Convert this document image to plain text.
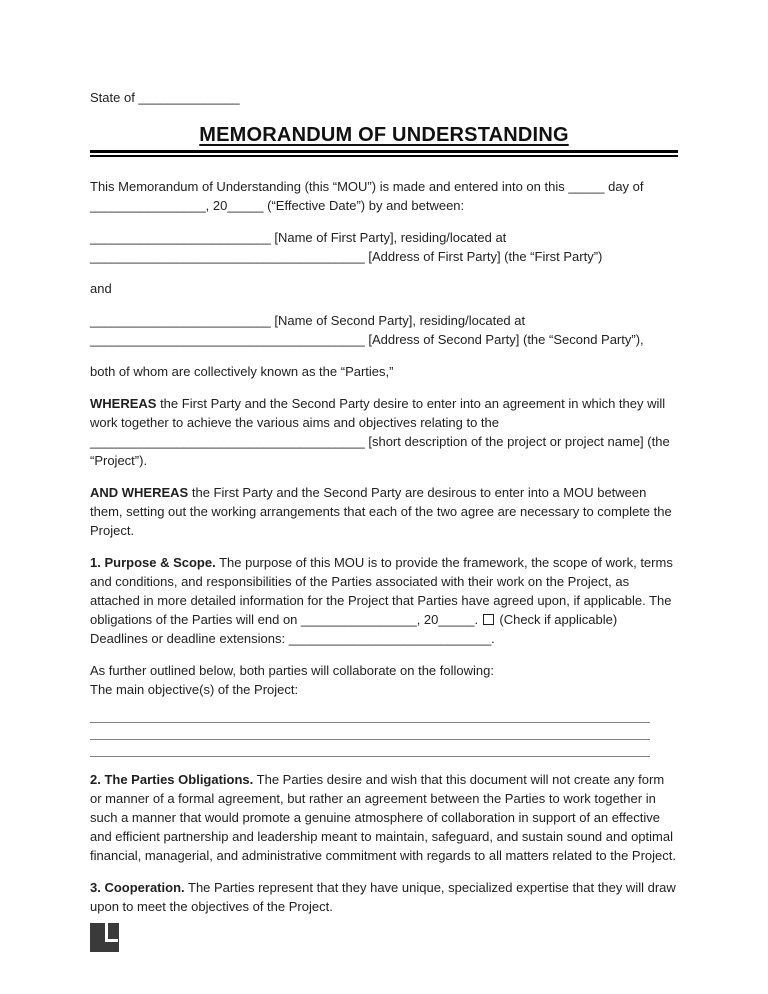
State of ______________
MEMORANDUM OF UNDERSTANDING

This Memorandum of Understanding (this “MOU”) is made and entered into on this _____ day of ________________, 20_____ (“Effective Date”) by and between:

_________________________ [Name of First Party], residing/located at
______________________________________ [Address of First Party] (the “First Party”)

and

_________________________ [Name of Second Party], residing/located at
______________________________________ [Address of Second Party] (the “Second Party”),

both of whom are collectively known as the “Parties,”

WHEREAS the First Party and the Second Party desire to enter into an agreement in which they will work together to achieve the various aims and objectives relating to the ______________________________________ [short description of the project or project name] (the “Project”).

AND WHEREAS the First Party and the Second Party are desirous to enter into a MOU between them, setting out the working arrangements that each of the two agree are necessary to complete the Project.

1. Purpose & Scope. The purpose of this MOU is to provide the framework, the scope of work, terms and conditions, and responsibilities of the Parties associated with their work on the Project, as attached in more detailed information for the Project that Parties have agreed upon, if applicable. The obligations of the Parties will end on ________________, 20_____.  (Check if applicable) Deadlines or deadline extensions: ____________________________.

As further outlined below, both parties will collaborate on the following:
The main objective(s) of the Project:

2. The Parties Obligations. The Parties desire and wish that this document will not create any form or manner of a formal agreement, but rather an agreement between the Parties to work together in such a manner that would promote a genuine atmosphere of collaboration in support of an effective and efficient partnership and leadership meant to maintain, safeguard, and sustain sound and optimal financial, managerial, and administrative commitment with regards to all matters related to the Project.

3. Cooperation. The Parties represent that they have unique, specialized expertise that they will draw upon to meet the objectives of the Project.
